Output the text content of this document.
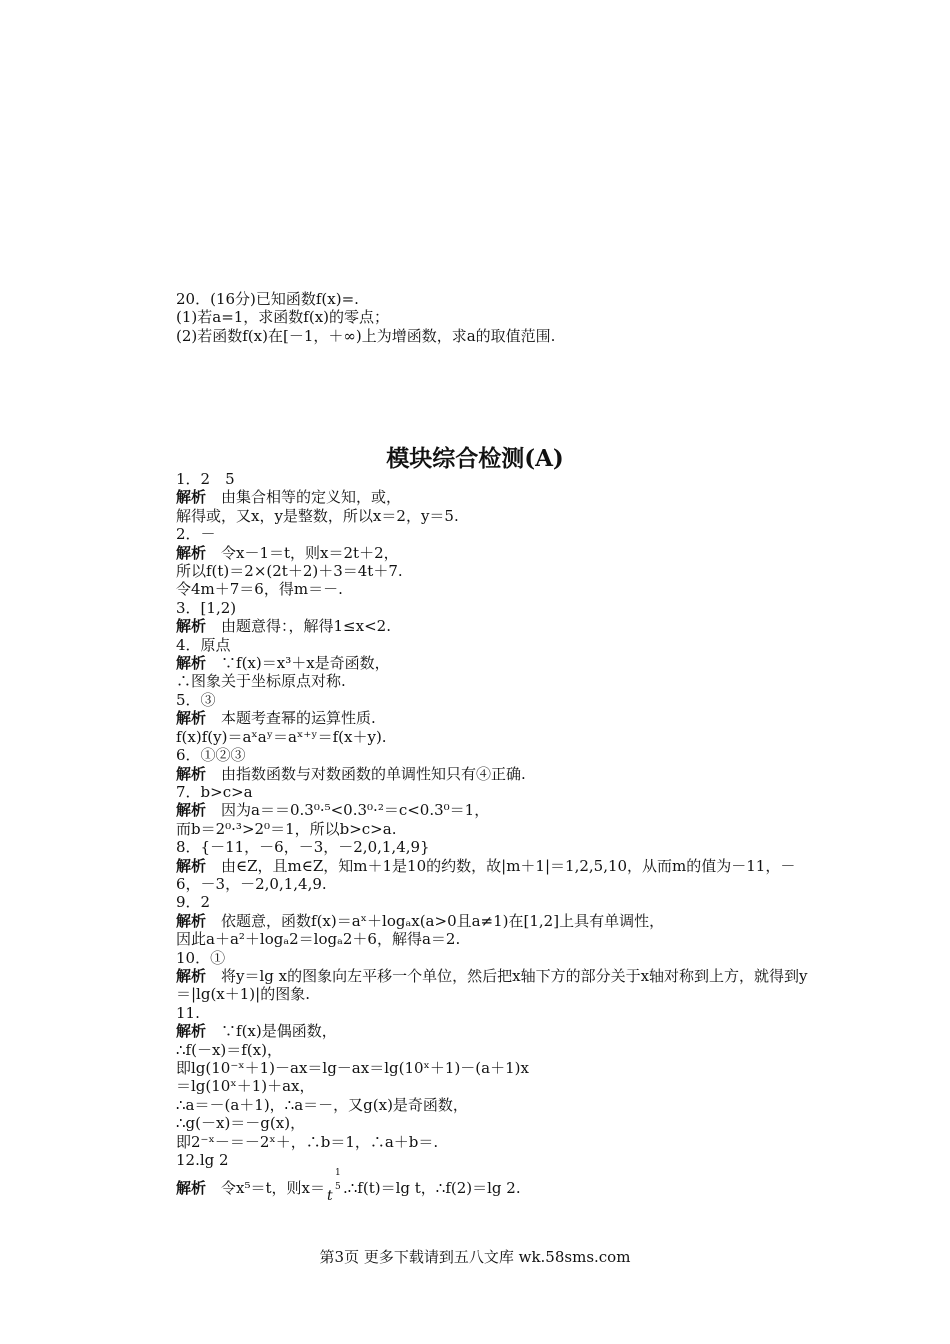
20．(16分)已知函数f(x)=.
(1)若a=1，求函数f(x)的零点；
(2)若函数f(x)在[－1，＋∞)上为增函数，求a的取值范围.
模块综合检测(A)
1．2　5
解析　由集合相等的定义知，或，
解得或，又x，y是整数，所以x＝2，y＝5.
2．－
解析　令x－1＝t，则x＝2t＋2，
所以f(t)＝2×(2t＋2)＋3＝4t＋7.
令4m＋7＝6，得m＝－.
3．[1,2)
解析　由题意得：，解得1≤x<2.
4．原点
解析　∵f(x)＝x³＋x是奇函数，
∴图象关于坐标原点对称.
5．③
解析　本题考查幂的运算性质.
f(x)f(y)＝aˣaʸ＝aˣ⁺ʸ＝f(x＋y).
6．①②③
解析　由指数函数与对数函数的单调性知只有④正确.
7．b>c>a
解析　因为a＝＝0.3⁰·⁵<0.3⁰·²＝c<0.3⁰＝1，
而b＝2⁰·³>2⁰＝1，所以b>c>a.
8．{－11，－6，－3，－2,0,1,4,9}
解析　由∈Z，且m∈Z，知m＋1是10的约数，故|m＋1|＝1,2,5,10，从而m的值为－11，－6，－3，－2,0,1,4,9.
9．2
解析　依题意，函数f(x)＝aˣ＋logₐx(a>0且a≠1)在[1,2]上具有单调性，
因此a＋a²＋logₐ2＝logₐ2＋6，解得a＝2.
10．①
解析　将y＝lg x的图象向左平移一个单位，然后把x轴下方的部分关于x轴对称到上方，就得到y＝|lg(x＋1)|的图象.
11.
解析　∵f(x)是偶函数，
∴f(－x)＝f(x)，
即lg(10⁻ˣ＋1)－ax＝lg－ax＝lg(10ˣ＋1)－(a＋1)x
＝lg(10ˣ＋1)＋ax，
∴a＝－(a＋1)，∴a＝－，又g(x)是奇函数，
∴g(－x)＝－g(x)，
即2⁻ˣ－＝－2ˣ＋，∴b＝1，∴a＋b＝.
12.lg 2
解析　令x⁵＝t，则x＝ t
1
5 .∴f(t)＝lg t，∴f(2)＝lg 2.
第3页 更多下载请到五八文库 wk.58sms.com
